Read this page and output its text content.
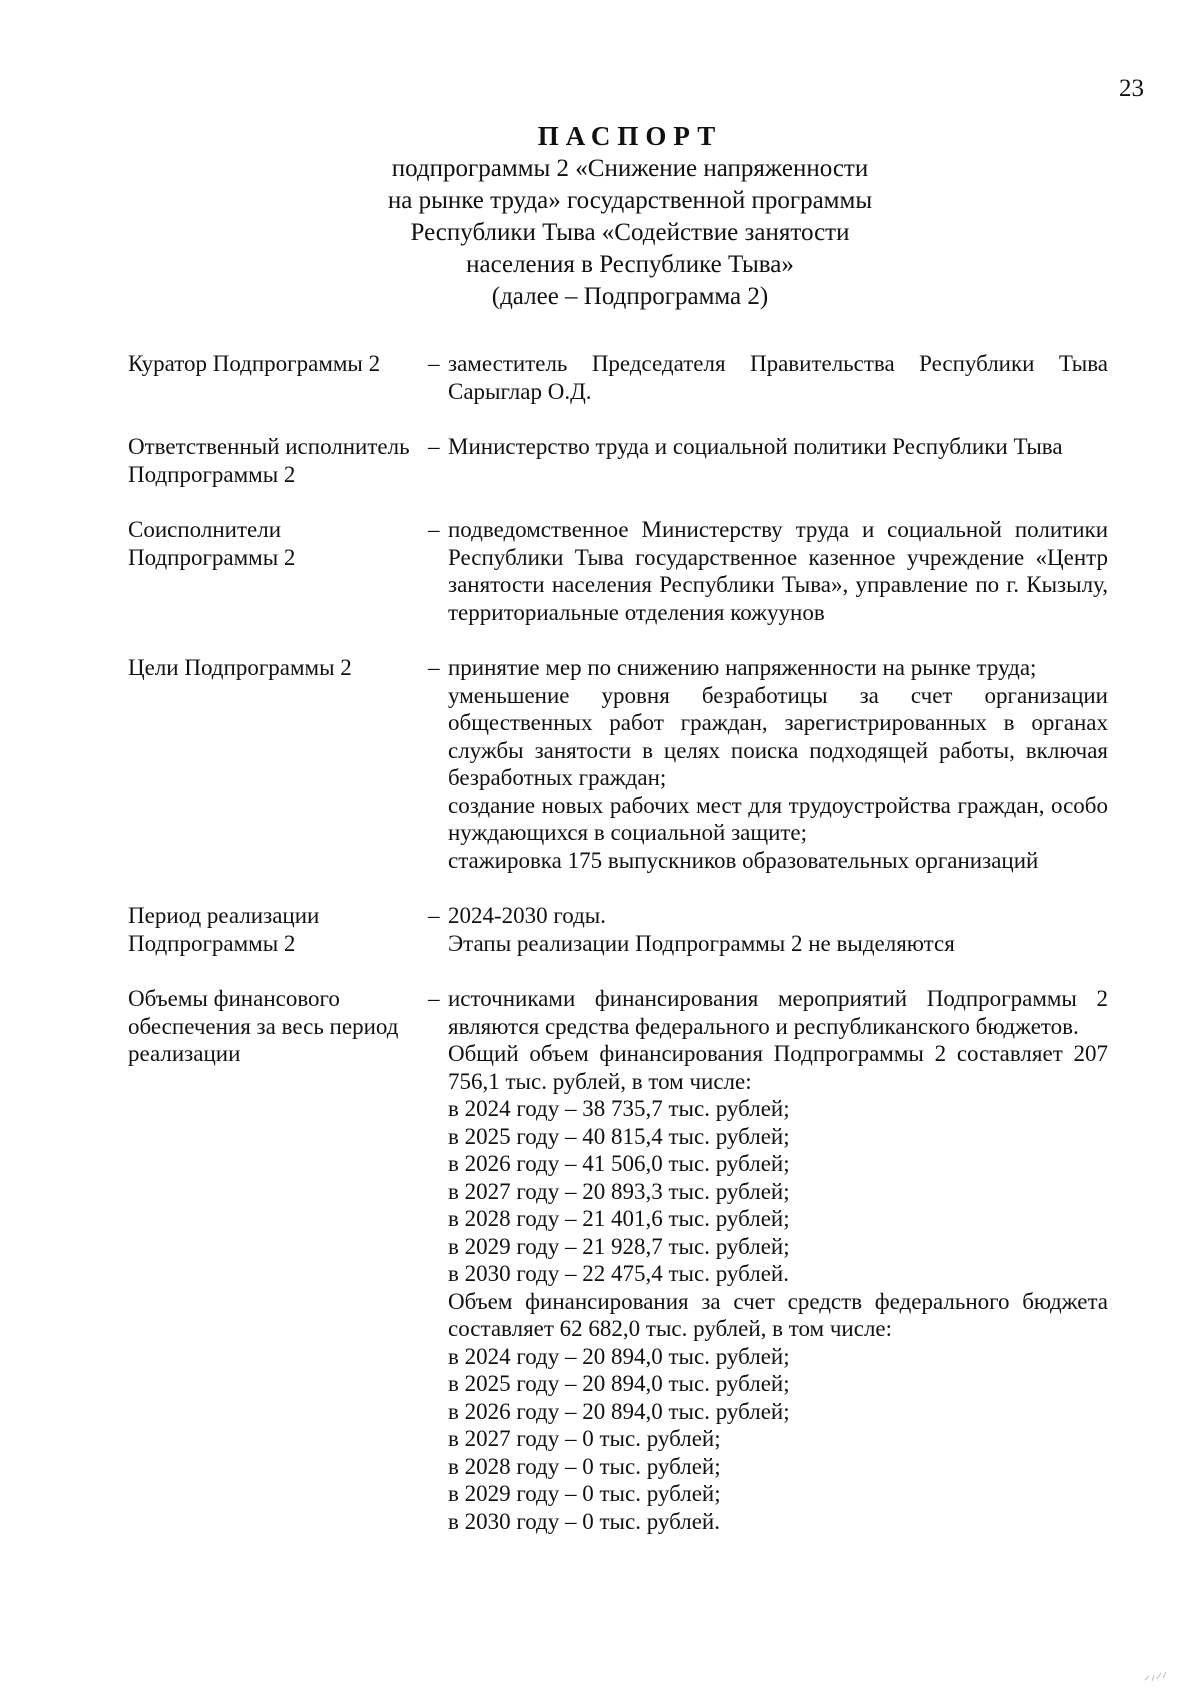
23

ПАСПОРТ

подпрограммы 2 «Снижение напряженности

на рынке труда» государственной программы

Республики Тыва «Содействие занятости

населения в Республике Тыва»

(далее – Подпрограмма 2)

Куратор Подпрограммы 2	– заместитель Председателя Правительства Республики Тыва Сарыглар О.Д.

Ответственный исполнитель Подпрограммы 2
– Министерство труда и социальной политики Республики Тыва

Соисполнители Подпрограммы 2
– подведомственное Министерству труда и социальной политики Республики Тыва государственное казенное учреждение «Центр занятости населения Республики Тыва», управление по г. Кызылу, территориальные отделения кожуунов

Цели Подпрограммы 2	– принятие мер по снижению напряженности на рынке труда;

уменьшение уровня безработицы за счет организации общественных работ граждан, зарегистрированных в органах службы занятости в целях поиска подходящей работы, включая безработных граждан;

создание новых рабочих мест для трудоустройства граждан, особо нуждающихся в социальной защите;

стажировка 175 выпускников образовательных организаций

Период реализации Подпрограммы 2
– 2024-2030 годы.

Этапы реализации Подпрограммы 2 не выделяются

Объемы финансового обеспечения за весь период реализации
– источниками финансирования мероприятий Подпрограммы 2 являются средства федерального и республиканского бюджетов.

Общий объем финансирования Подпрограммы 2 составляет 207 756,1 тыс. рублей, в том числе:

в 2024 году – 38 735,7 тыс. рублей;

в 2025 году – 40 815,4 тыс. рублей;

в 2026 году – 41 506,0 тыс. рублей;

в 2027 году – 20 893,3 тыс. рублей;

в 2028 году – 21 401,6 тыс. рублей;

в 2029 году – 21 928,7 тыс. рублей;

в 2030 году – 22 475,4 тыс. рублей.

Объем финансирования за счет средств федерального бюджета составляет 62 682,0 тыс. рублей, в том числе:

в 2024 году – 20 894,0 тыс. рублей;

в 2025 году – 20 894,0 тыс. рублей;

в 2026 году – 20 894,0 тыс. рублей;

в 2027 году – 0 тыс. рублей;

в 2028 году – 0 тыс. рублей;

в 2029 году – 0 тыс. рублей;

в 2030 году – 0 тыс. рублей.
